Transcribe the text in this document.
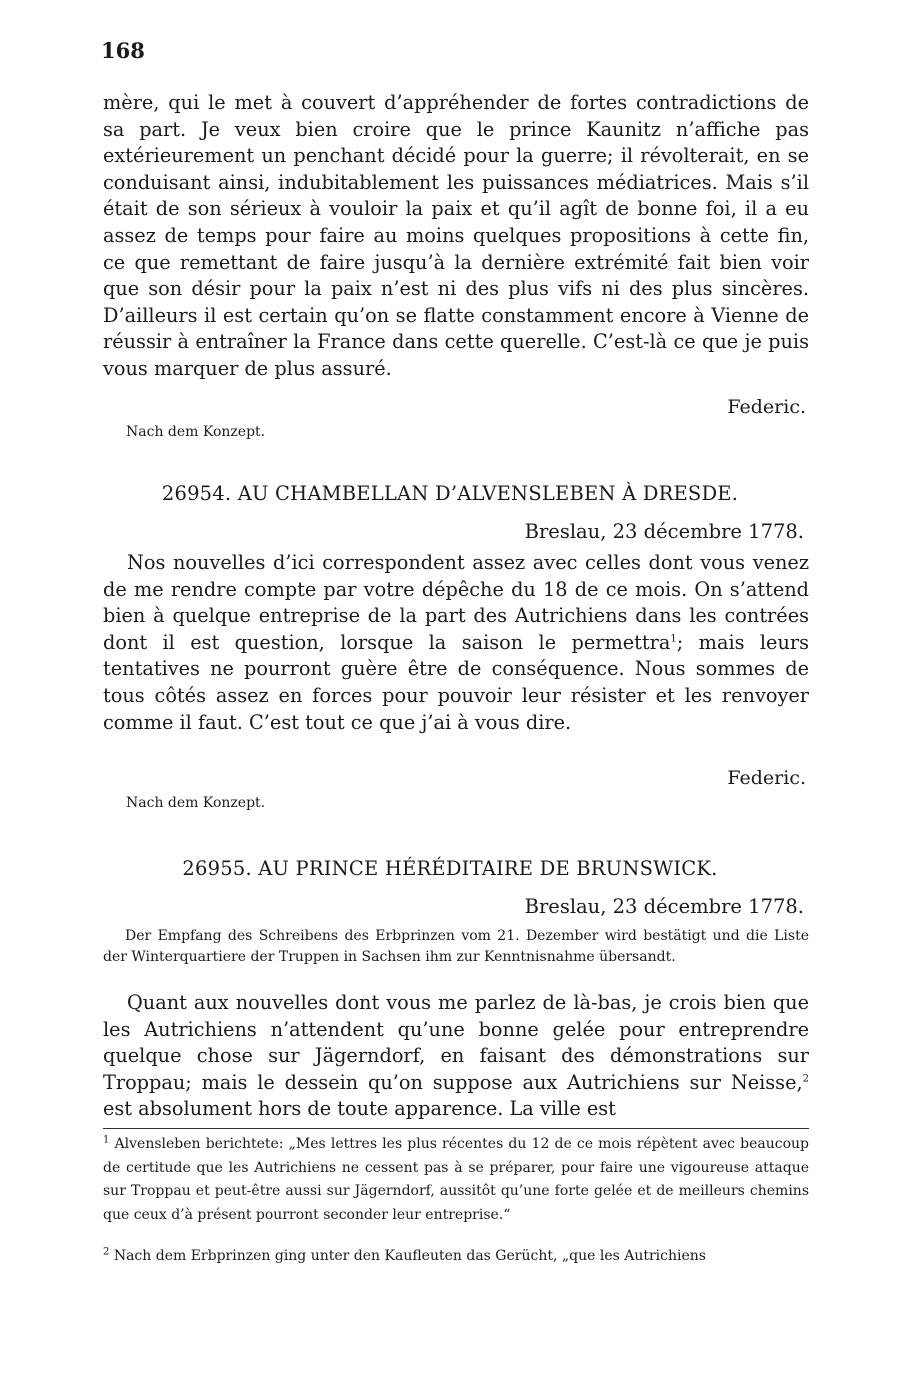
168

mère, qui le met à couvert d’appréhender de fortes contradictions de sa part. Je veux bien croire que le prince Kaunitz n’affiche pas extérieurement un penchant décidé pour la guerre; il révolterait, en se conduisant ainsi, indubitablement les puissances médiatrices. Mais s’il était de son sérieux à vouloir la paix et qu’il agît de bonne foi, il a eu assez de temps pour faire au moins quelques propositions à cette fin, ce que remettant de faire jusqu’à la dernière extrémité fait bien voir que son désir pour la paix n’est ni des plus vifs ni des plus sincères. D’ailleurs il est certain qu’on se flatte constamment encore à Vienne de réussir à entraîner la France dans cette querelle. C’est-là ce que je puis vous marquer de plus assuré.

Federic.
Nach dem Konzept.
26954. AU CHAMBELLAN D’ALVENSLEBEN À DRESDE.
Breslau, 23 décembre 1778.

Nos nouvelles d’ici correspondent assez avec celles dont vous venez de me rendre compte par votre dépêche du 18 de ce mois. On s’attend bien à quelque entreprise de la part des Autrichiens dans les contrées dont il est question, lorsque la saison le permettra$^1$; mais leurs tentatives ne pourront guère être de conséquence. Nous sommes de tous côtés assez en forces pour pouvoir leur résister et les renvoyer comme il faut. C’est tout ce que j’ai à vous dire.

Federic.
Nach dem Konzept.
26955. AU PRINCE HÉRÉDITAIRE DE BRUNSWICK.
Breslau, 23 décembre 1778.

Der Empfang des Schreibens des Erbprinzen vom 21. Dezember wird bestätigt und die Liste der Winterquartiere der Truppen in Sachsen ihm zur Kenntnisnahme übersandt.

Quant aux nouvelles dont vous me parlez de là-bas, je crois bien que les Autrichiens n’attendent qu’une bonne gelée pour entreprendre quelque chose sur Jägerndorf, en faisant des démonstrations sur Troppau; mais le dessein qu’on suppose aux Autrichiens sur Neisse,$^2$ est absolument hors de toute apparence. La ville est

$^1$ Alvensleben berichtete: „Mes lettres les plus récentes du 12 de ce mois répètent avec beaucoup de certitude que les Autrichiens ne cessent pas à se préparer, pour faire une vigoureuse attaque sur Troppau et peut-être aussi sur Jägerndorf, aussitôt qu’une forte gelée et de meilleurs chemins que ceux d’à présent pourront seconder leur entreprise.“

$^2$ Nach dem Erbprinzen ging unter den Kaufleuten das Gerücht, „que les Autrichiens
